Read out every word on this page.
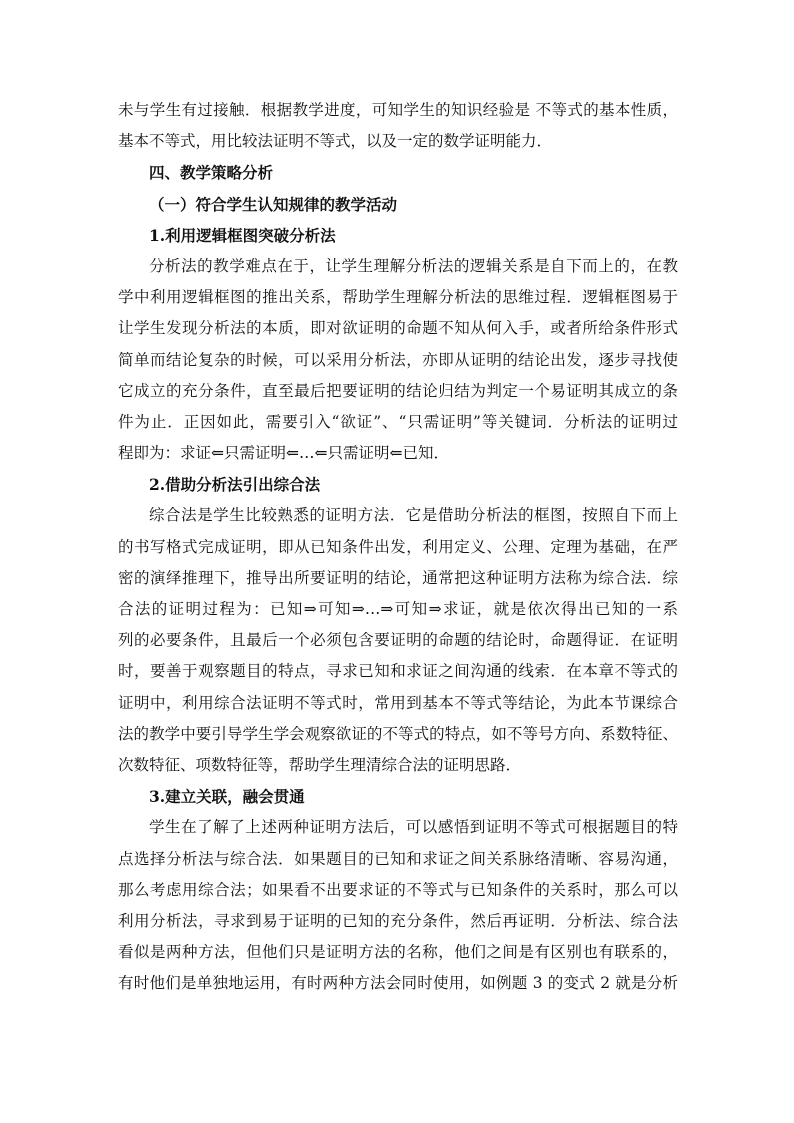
未与学生有过接触．根据教学进度，可知学生的知识经验是 不等式的基本性质，
基本不等式，用比较法证明不等式，以及一定的数学证明能力．
四、教学策略分析
（一）符合学生认知规律的教学活动
1.利用逻辑框图突破分析法
分析法的教学难点在于，让学生理解分析法的逻辑关系是自下而上的，在教
学中利用逻辑框图的推出关系，帮助学生理解分析法的思维过程．逻辑框图易于
让学生发现分析法的本质，即对欲证明的命题不知从何入手，或者所给条件形式
简单而结论复杂的时候，可以采用分析法，亦即从证明的结论出发，逐步寻找使
它成立的充分条件，直至最后把要证明的结论归结为判定一个易证明其成立的条
件为止．正因如此，需要引入“欲证”、“只需证明”等关键词．分析法的证明过
程即为：求证⇐只需证明⇐…⇐只需证明⇐已知．
2.借助分析法引出综合法
综合法是学生比较熟悉的证明方法．它是借助分析法的框图，按照自下而上
的书写格式完成证明，即从已知条件出发，利用定义、公理、定理为基础，在严
密的演绎推理下，推导出所要证明的结论，通常把这种证明方法称为综合法．综
合法的证明过程为：已知⇒可知⇒…⇒可知⇒求证，就是依次得出已知的一系
列的必要条件，且最后一个必须包含要证明的命题的结论时，命题得证．在证明
时，要善于观察题目的特点，寻求已知和求证之间沟通的线索．在本章不等式的
证明中，利用综合法证明不等式时，常用到基本不等式等结论，为此本节课综合
法的教学中要引导学生学会观察欲证的不等式的特点，如不等号方向、系数特征、
次数特征、项数特征等，帮助学生理清综合法的证明思路．
3.建立关联，融会贯通
学生在了解了上述两种证明方法后，可以感悟到证明不等式可根据题目的特
点选择分析法与综合法．如果题目的已知和求证之间关系脉络清晰、容易沟通，
那么考虑用综合法；如果看不出要求证的不等式与已知条件的关系时，那么可以
利用分析法，寻求到易于证明的已知的充分条件，然后再证明．分析法、综合法
看似是两种方法，但他们只是证明方法的名称，他们之间是有区别也有联系的，
有时他们是单独地运用，有时两种方法会同时使用，如例题 3 的变式 2 就是分析
